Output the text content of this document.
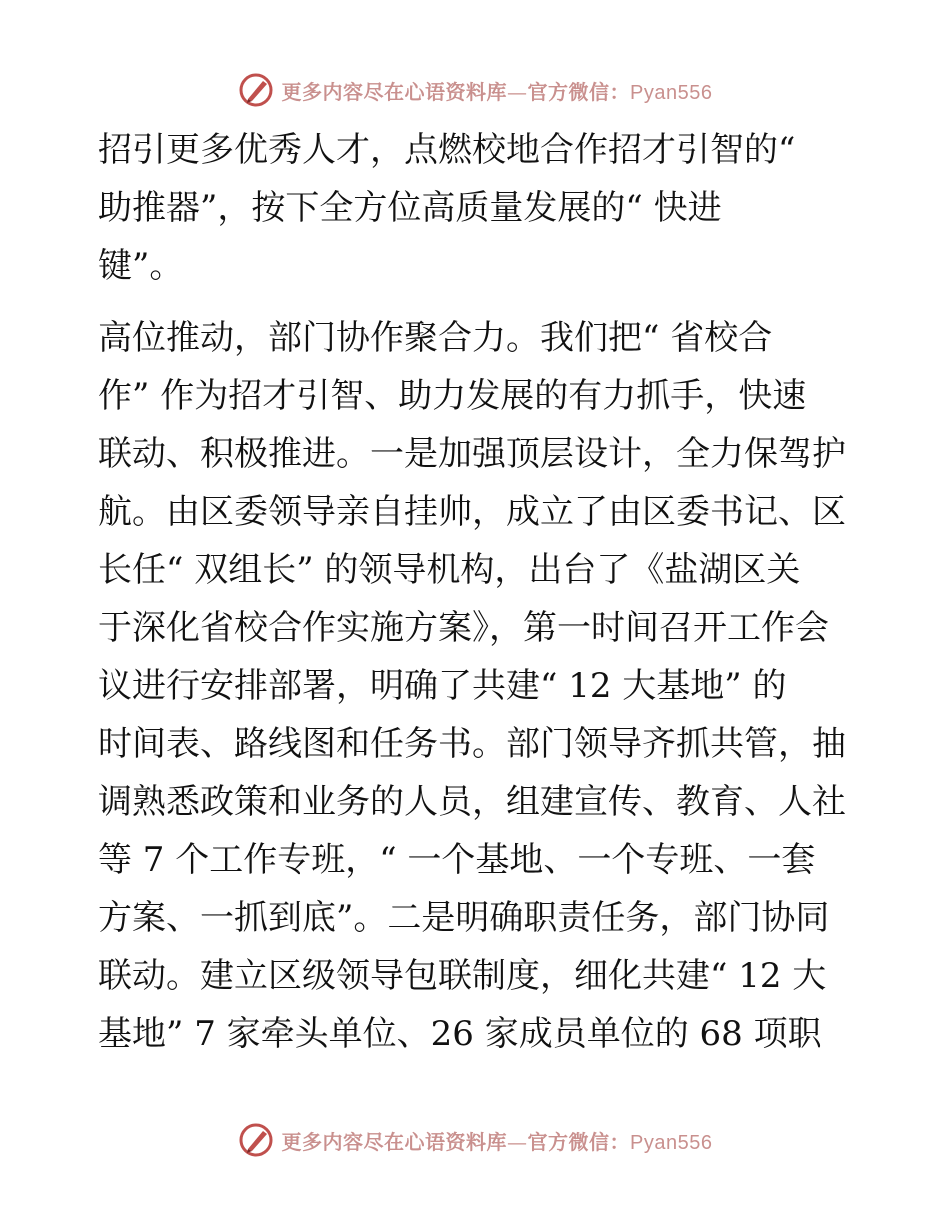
更多内容尽在心语资料库—官方微信：Pyan556
招引更多优秀人才，点燃校地合作招才引智的“
助推器”，按下全方位高质量发展的“ 快进
键”。
高位推动，部门协作聚合力。我们把“ 省校合
作” 作为招才引智、助力发展的有力抓手，快速
联动、积极推进。一是加强顶层设计，全力保驾护
航。由区委领导亲自挂帅，成立了由区委书记、区
长任“ 双组长” 的领导机构，出台了《盐湖区关
于深化省校合作实施方案》，第一时间召开工作会
议进行安排部署，明确了共建“ 12 大基地” 的
时间表、路线图和任务书。部门领导齐抓共管，抽
调熟悉政策和业务的人员，组建宣传、教育、人社
等 7 个工作专班，“ 一个基地、一个专班、一套
方案、一抓到底”。二是明确职责任务，部门协同
联动。建立区级领导包联制度，细化共建“ 12 大
基地” 7 家牵头单位、26 家成员单位的 68 项职
更多内容尽在心语资料库—官方微信：Pyan556
